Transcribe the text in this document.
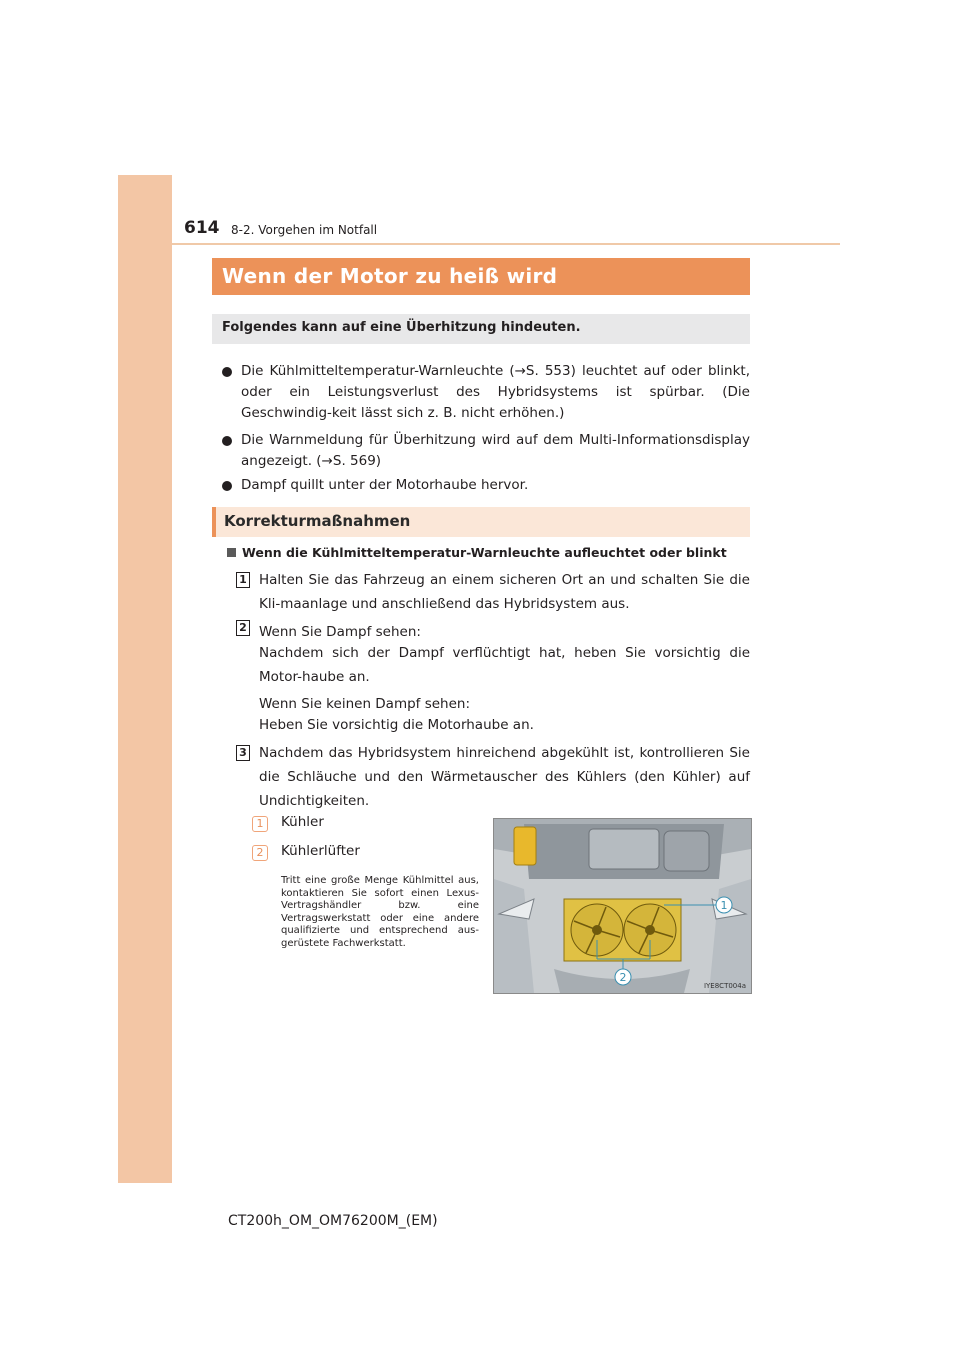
614 8-2. Vorgehen im Notfall
Wenn der Motor zu heiß wird
Folgendes kann auf eine Überhitzung hindeuten.
Die Kühlmitteltemperatur-Warnleuchte (→S. 553) leuchtet auf oder blinkt, oder ein Leistungsverlust des Hybridsystems ist spürbar. (Die Geschwindig-keit lässt sich z. B. nicht erhöhen.)
Die Warnmeldung für Überhitzung wird auf dem Multi-Informationsdisplay angezeigt. (→S. 569)
Dampf quillt unter der Motorhaube hervor.
Korrekturmaßnahmen
Wenn die Kühlmitteltemperatur-Warnleuchte aufleuchtet oder blinkt
1 Halten Sie das Fahrzeug an einem sicheren Ort an und schalten Sie die Kli-maanlage und anschließend das Hybridsystem aus.
2 Wenn Sie Dampf sehen:
Nachdem sich der Dampf verflüchtigt hat, heben Sie vorsichtig die Motor-haube an.
Wenn Sie keinen Dampf sehen:
Heben Sie vorsichtig die Motorhaube an.
3 Nachdem das Hybridsystem hinreichend abgekühlt ist, kontrollieren Sie die Schläuche und den Wärmetauscher des Kühlers (den Kühler) auf Undichtigkeiten.
1	Kühler
2	Kühlerlüfter
Tritt eine große Menge Kühlmittel aus, kontaktieren Sie sofort einen Lexus-Vertragshändler bzw. eine Vertragswerkstatt oder eine andere qualifizierte und entsprechend aus-gerüstete Fachwerkstatt.
1
2
IYE8CT004a
CT200h_OM_OM76200M_(EM)
